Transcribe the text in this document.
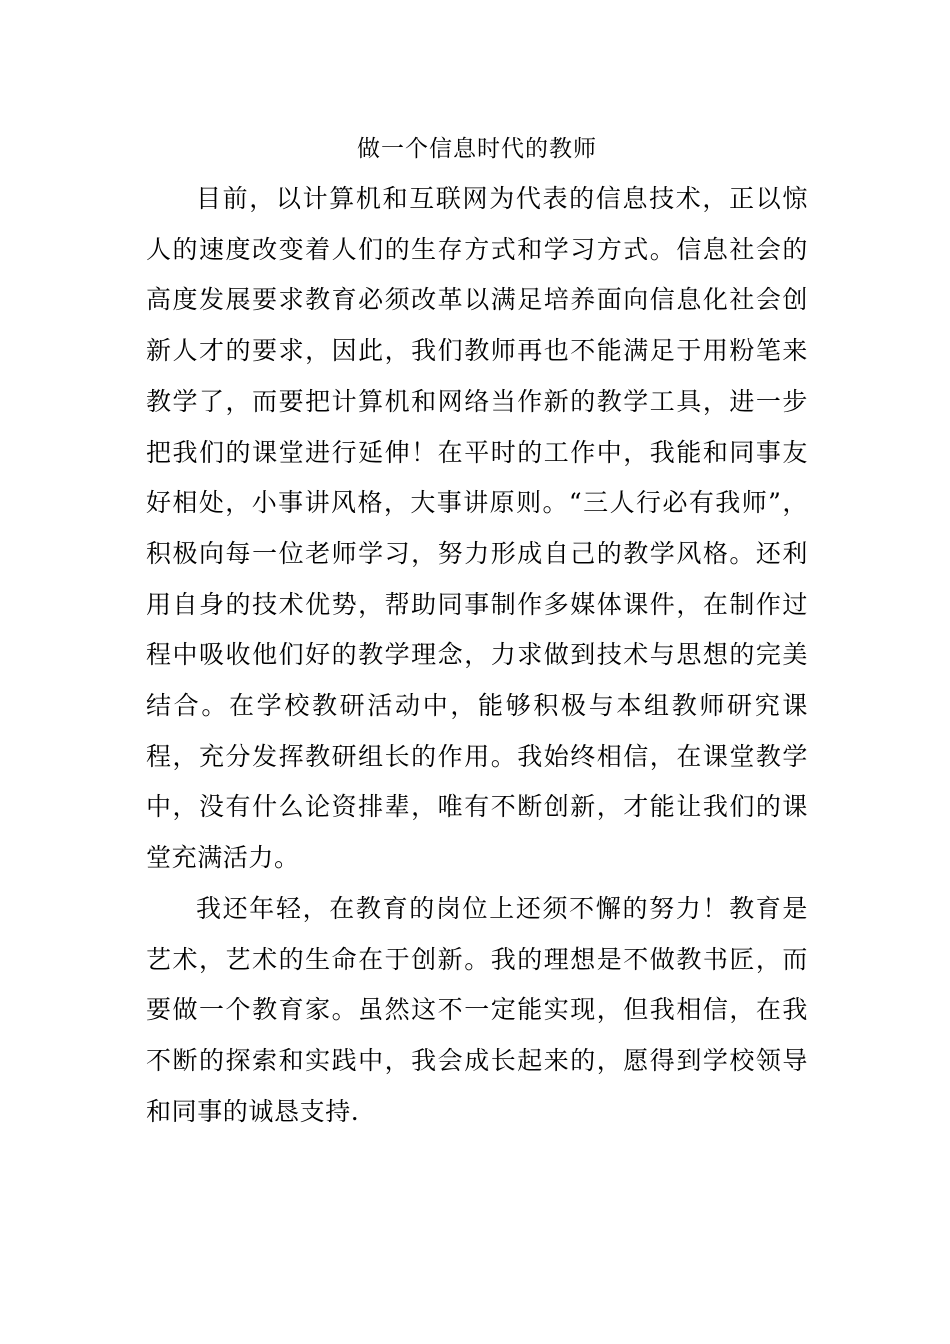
做一个信息时代的教师

目前，以计算机和互联网为代表的信息技术，正以惊人的速度改变着人们的生存方式和学习方式。信息社会的高度发展要求教育必须改革以满足培养面向信息化社会创新人才的要求，因此，我们教师再也不能满足于用粉笔来教学了，而要把计算机和网络当作新的教学工具，进一步把我们的课堂进行延伸！在平时的工作中，我能和同事友好相处，小事讲风格，大事讲原则。“三人行必有我师”，积极向每一位老师学习，努力形成自己的教学风格。还利用自身的技术优势，帮助同事制作多媒体课件，在制作过程中吸收他们好的教学理念，力求做到技术与思想的完美结合。在学校教研活动中，能够积极与本组教师研究课程，充分发挥教研组长的作用。我始终相信，在课堂教学中，没有什么论资排辈，唯有不断创新，才能让我们的课堂充满活力。

我还年轻，在教育的岗位上还须不懈的努力！教育是艺术，艺术的生命在于创新。我的理想是不做教书匠，而要做一个教育家。虽然这不一定能实现，但我相信，在我不断的探索和实践中，我会成长起来的，愿得到学校领导和同事的诚恳支持.
